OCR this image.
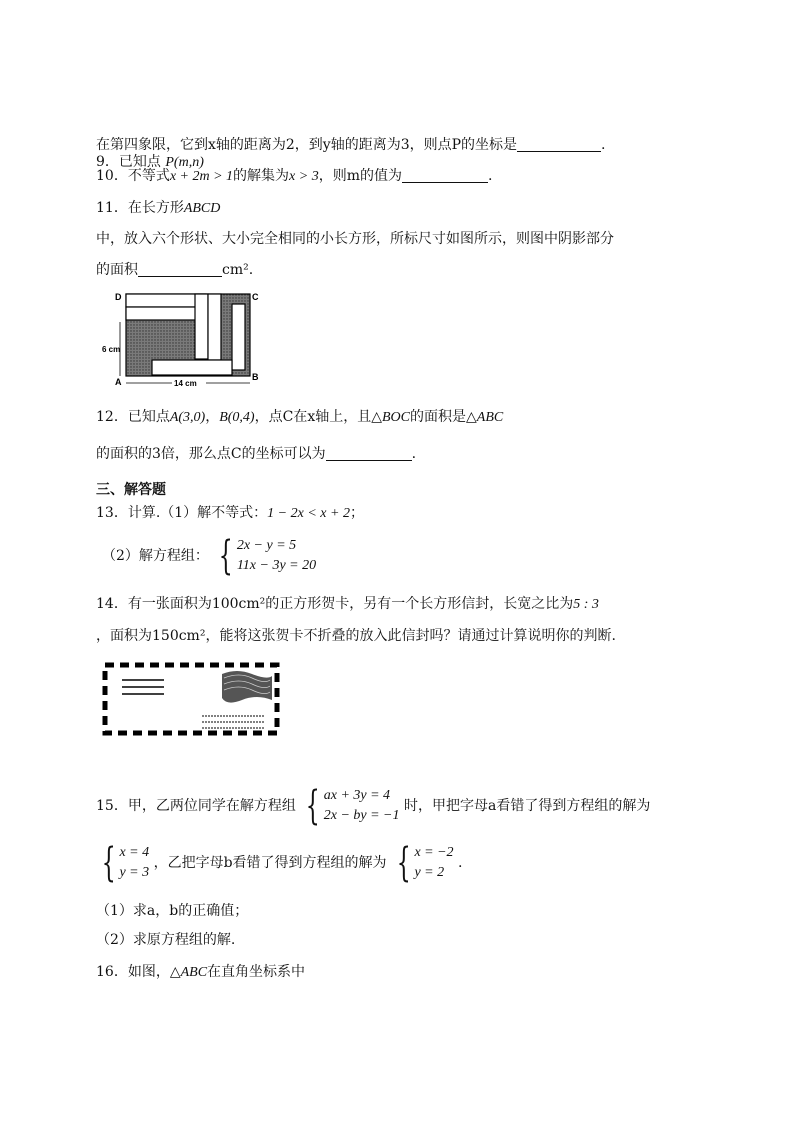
9．已知点 P(m,n)
在第四象限，它到x轴的距离为2，到y轴的距离为3，则点P的坐标是	.
10．不等式x + 2m > 1的解集为x > 3，则m的值为	.
11．在长方形ABCD
中，放入六个形状、大小完全相同的小长方形，所标尺寸如图所示，则图中阴影部分
的面积	cm².
D	C
A	B
6 cm
14 cm
12．已知点A(3,0)，B(0,4)，点C在x轴上，且△BOC的面积是△ABC
的面积的3倍，那么点C的坐标可以为	.
三、解答题
13．计算.（1）解不等式：1 − 2x < x + 2；
（2）解方程组： { 2x − y = 5
11x − 3y = 20
14．有一张面积为100cm²的正方形贺卡，另有一个长方形信封，长宽之比为5 : 3
，面积为150cm²，能将这张贺卡不折叠的放入此信封吗？请通过计算说明你的判断.
15．甲，乙两位同学在解方程组 { ax + 3y = 4
2x − by = −1
时，甲把字母a看错了得到方程组的解为
{ x = 4
y = 3
，乙把字母b看错了得到方程组的解为 { x = −2
y = 2
.
（1）求a，b的正确值；
（2）求原方程组的解.
16．如图，△ABC在直角坐标系中
